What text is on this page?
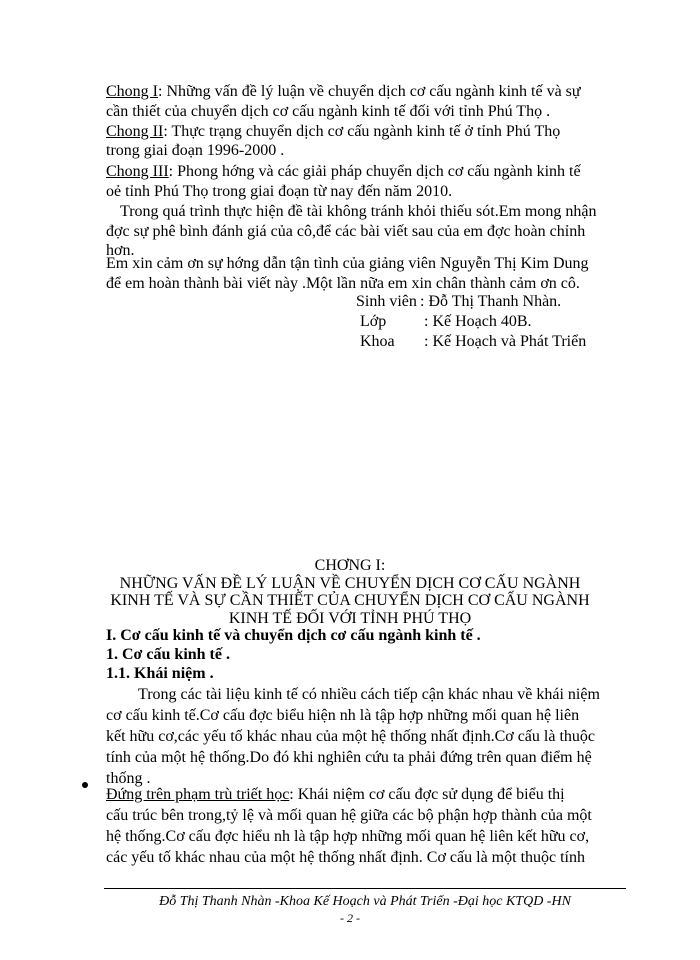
Chong I: Những vấn đề lý luận về chuyển dịch cơ cấu ngành kinh tế và sự
cần thiết của chuyển dịch cơ cấu ngành kinh tế đối với tỉnh Phú Thọ .
Chong II: Thực trạng chuyển dịch cơ cấu ngành kinh tế ở tỉnh Phú Thọ
trong giai đoạn 1996-2000 .
Chong III: Phong hớng và các giải pháp chuyển dịch cơ cấu ngành kinh tế
oẻ tỉnh Phú Thọ trong giai đoạn từ nay đến năm 2010.
Trong quá trình thực hiện đề tài không tránh khỏi thiếu sót.Em mong nhận
đợc sự phê bình đánh giá của cô,để các bài viết sau của em đợc hoàn chỉnh
hơn.
Em xin cảm ơn sự hớng dẫn tận tình của giảng viên Nguyễn Thị Kim Dung
để em hoàn thành bài viết này .Một lần nữa em xin chân thành cảm ơn cô.
Sinh viên : Đỗ Thị Thanh Nhàn.
Lớp : Kế Hoạch 40B.
Khoa : Kế Hoạch và Phát Triển
CHƠNG I:
NHỮNG VẤN ĐỀ LÝ LUẬN VỀ CHUYỂN DỊCH CƠ CẤU NGÀNH
KINH TẾ VÀ SỰ CẦN THIẾT CỦA CHUYỂN DỊCH CƠ CẤU NGÀNH
KINH TẾ ĐỐI VỚI TỈNH PHÚ THỌ
I. Cơ cấu kinh tế và chuyển dịch cơ cấu ngành kinh tế .
1. Cơ cấu kinh tế .
1.1. Khái niệm .
Trong các tài liệu kinh tế có nhiều cách tiếp cận khác nhau về khái niệm
cơ cấu kinh tế.Cơ cấu đợc biểu hiện nh là tập hợp những mối quan hệ liên
kết hữu cơ,các yếu tố khác nhau của một hệ thống nhất định.Cơ cấu là thuộc
tính của một hệ thống.Do đó khi nghiên cứu ta phải đứng trên quan điểm hệ
thống .
Đứng trên phạm trù triết học: Khái niệm cơ cấu đợc sử dụng để biểu thị
cấu trúc bên trong,tỷ lệ và mối quan hệ giữa các bộ phận hợp thành của một
hệ thống.Cơ cấu đợc hiểu nh là tập hợp những mối quan hệ liên kết hữu cơ,
các yếu tố khác nhau của một hệ thống nhất định. Cơ cấu là một thuộc tính
Đỗ Thị Thanh Nhàn -Khoa Kế Hoạch và Phát Triển -Đại học KTQD -HN
- 2 -
